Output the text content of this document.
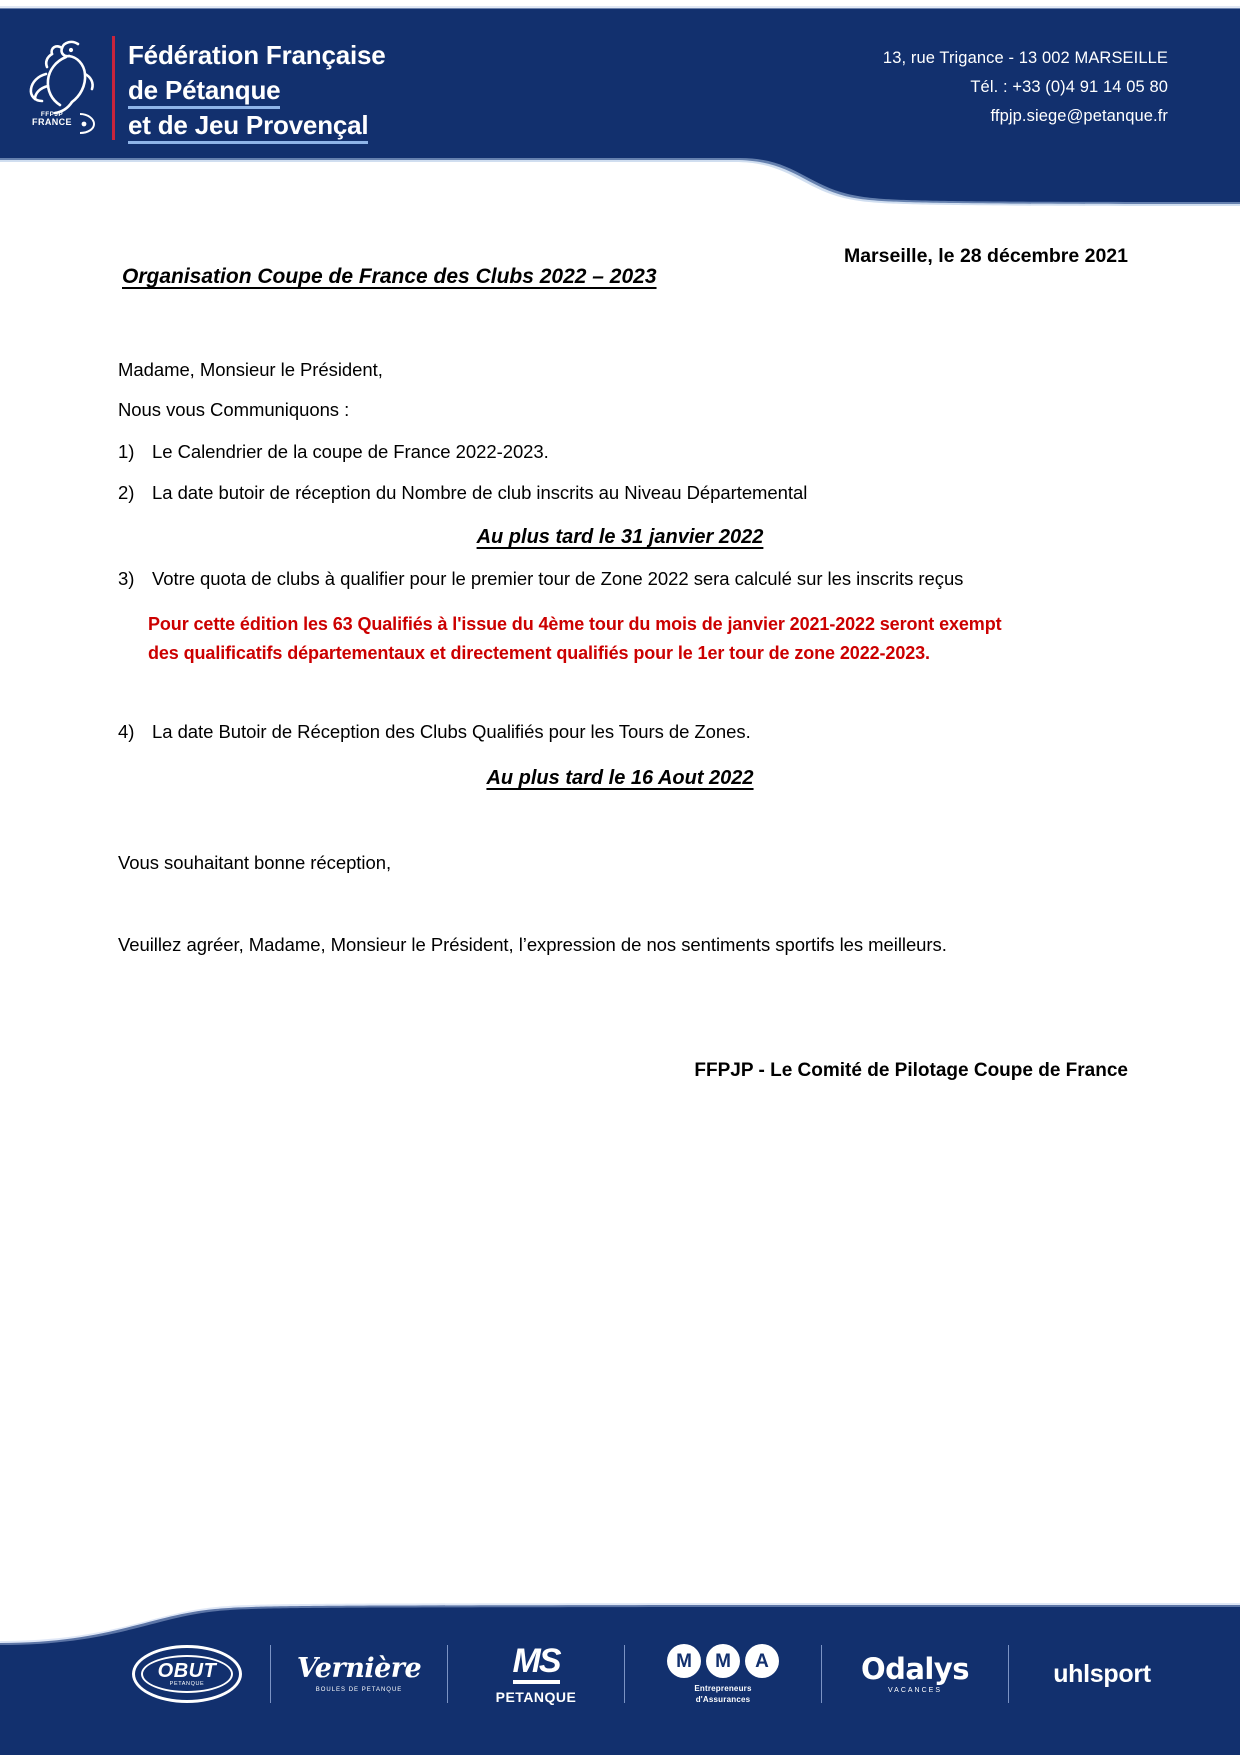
FFPJP
FRANCE
Fédération Française
de Pétanque
et de Jeu Provençal
13, rue Trigance - 13 002 MARSEILLE
Tél. : +33 (0)4 91 14 05 80
ffpjp.siege@petanque.fr
Marseille, le 28 décembre 2021
Organisation Coupe de France des Clubs 2022 – 2023
Madame, Monsieur le Président,
Nous vous Communiquons :
1) Le Calendrier de la coupe de France 2022-2023.
2) La date butoir de réception du Nombre de club inscrits au Niveau Départemental
Au plus tard le 31 janvier 2022
3) Votre quota de clubs à qualifier pour le premier tour de Zone 2022 sera calculé sur les inscrits reçus
Pour cette édition les 63 Qualifiés à l'issue du 4ème tour du mois de janvier 2021-2022 seront exempt
des qualificatifs départementaux et directement qualifiés pour le 1er tour de zone 2022-2023.
4) La date Butoir de Réception des Clubs Qualifiés pour les Tours de Zones.
Au plus tard le 16 Aout 2022
Vous souhaitant bonne réception,
Veuillez agréer, Madame, Monsieur le Président, l’expression de nos sentiments sportifs les meilleurs.
FFPJP - Le Comité de Pilotage Coupe de France
OBUT
PETANQUE	Vernière
BOULES DE PETANQUE
MS
PETANQUE
M	M	A
Entrepreneurs
d'Assurances
Odalys
VACANCES
uhlsport
